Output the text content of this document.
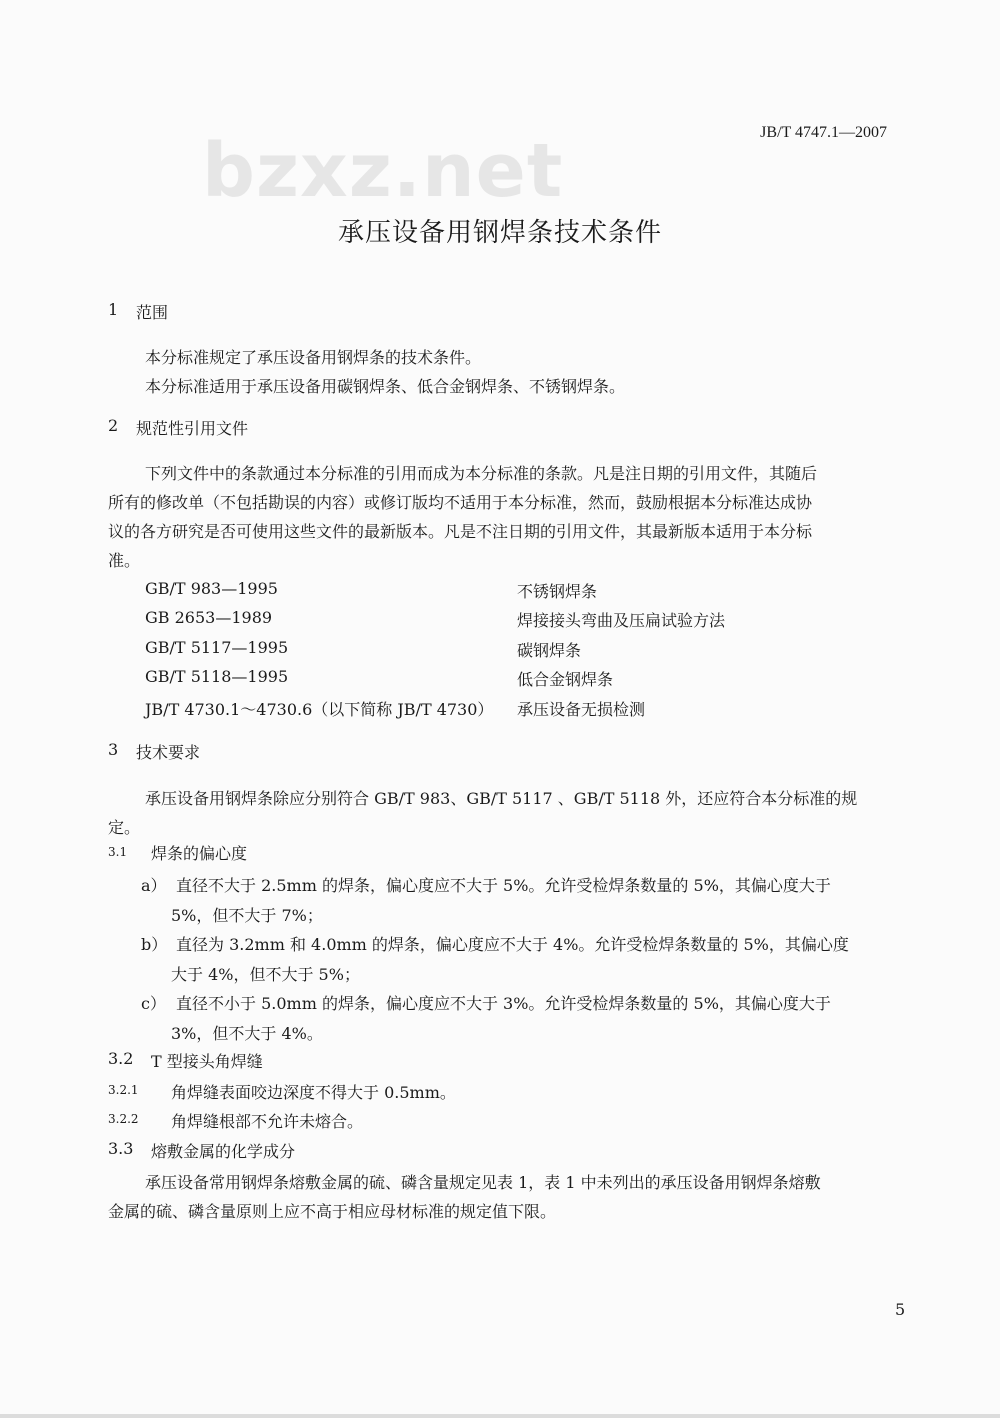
JB/T 4747.1—2007
bzxz.net
承压设备用钢焊条技术条件
1 范围
本分标准规定了承压设备用钢焊条的技术条件。
本分标准适用于承压设备用碳钢焊条、低合金钢焊条、不锈钢焊条。
2 规范性引用文件
下列文件中的条款通过本分标准的引用而成为本分标准的条款。凡是注日期的引用文件，其随后
所有的修改单（不包括勘误的内容）或修订版均不适用于本分标准，然而，鼓励根据本分标准达成协
议的各方研究是否可使用这些文件的最新版本。凡是不注日期的引用文件，其最新版本适用于本分标
准。
GB/T 983—1995	不锈钢焊条
GB 2653—1989	焊接接头弯曲及压扁试验方法
GB/T 5117—1995	碳钢焊条
GB/T 5118—1995	低合金钢焊条
JB/T 4730.1～4730.6（以下简称 JB/T 4730） 承压设备无损检测
3 技术要求
承压设备用钢焊条除应分别符合 GB/T 983、GB/T 5117 、GB/T 5118 外，还应符合本分标准的规
定。
3.1 焊条的偏心度
a） 直径不大于 2.5mm 的焊条，偏心度应不大于 5%。允许受检焊条数量的 5%，其偏心度大于
5%，但不大于 7%；
b） 直径为 3.2mm 和 4.0mm 的焊条，偏心度应不大于 4%。允许受检焊条数量的 5%，其偏心度
大于 4%，但不大于 5%；
c） 直径不小于 5.0mm 的焊条，偏心度应不大于 3%。允许受检焊条数量的 5%，其偏心度大于
3%，但不大于 4%。
3.2 T 型接头角焊缝
3.2.1 角焊缝表面咬边深度不得大于 0.5mm。
3.2.2 角焊缝根部不允许未熔合。
3.3 熔敷金属的化学成分
承压设备常用钢焊条熔敷金属的硫、磷含量规定见表 1，表 1 中未列出的承压设备用钢焊条熔敷
金属的硫、磷含量原则上应不高于相应母材标准的规定值下限。
5
